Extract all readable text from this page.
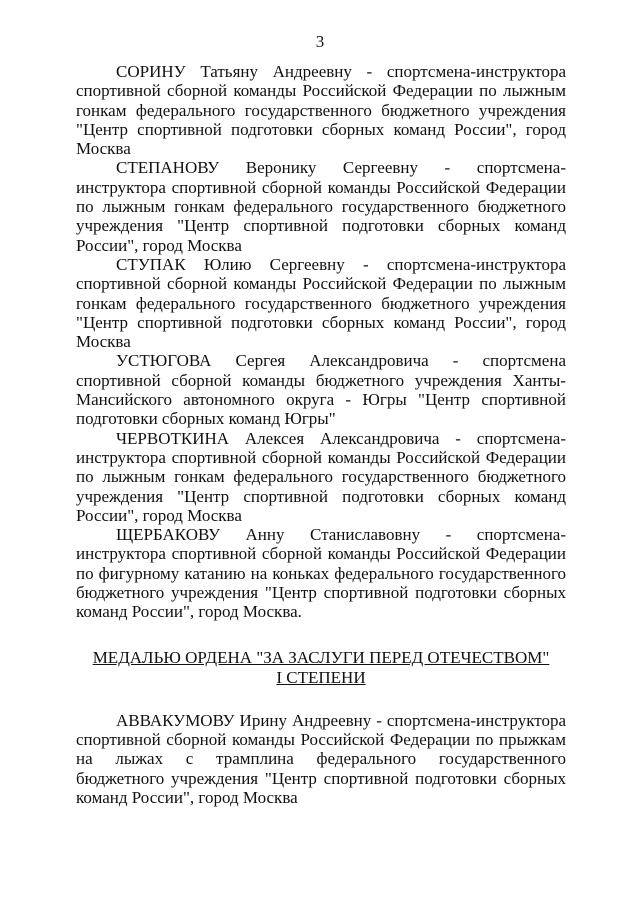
3

СОРИНУ Татьяну Андреевну - спортсмена-инструктора спортивной сборной команды Российской Федерации по лыжным гонкам федерального государственного бюджетного учреждения "Центр спортивной подготовки сборных команд России", город Москва

СТЕПАНОВУ Веронику Сергеевну - спортсмена-инструктора спортивной сборной команды Российской Федерации по лыжным гонкам федерального государственного бюджетного учреждения "Центр спортивной подготовки сборных команд России", город Москва

СТУПАК Юлию Сергеевну - спортсмена-инструктора спортивной сборной команды Российской Федерации по лыжным гонкам федерального государственного бюджетного учреждения "Центр спортивной подготовки сборных команд России", город Москва

УСТЮГОВА Сергея Александровича - спортсмена спортивной сборной команды бюджетного учреждения Ханты-Мансийского автономного округа - Югры "Центр спортивной подготовки сборных команд Югры"

ЧЕРВОТКИНА Алексея Александровича - спортсмена-инструктора спортивной сборной команды Российской Федерации по лыжным гонкам федерального государственного бюджетного учреждения "Центр спортивной подготовки сборных команд России", город Москва

ЩЕРБАКОВУ Анну Станиславовну - спортсмена-инструктора спортивной сборной команды Российской Федерации по фигурному катанию на коньках федерального государственного бюджетного учреждения "Центр спортивной подготовки сборных команд России", город Москва.

МЕДАЛЬЮ ОРДЕНА "ЗА ЗАСЛУГИ ПЕРЕД ОТЕЧЕСТВОМ"
I СТЕПЕНИ

АВВАКУМОВУ Ирину Андреевну - спортсмена-инструктора спортивной сборной команды Российской Федерации по прыжкам на лыжах с трамплина федерального государственного бюджетного учреждения "Центр спортивной подготовки сборных команд России", город Москва
